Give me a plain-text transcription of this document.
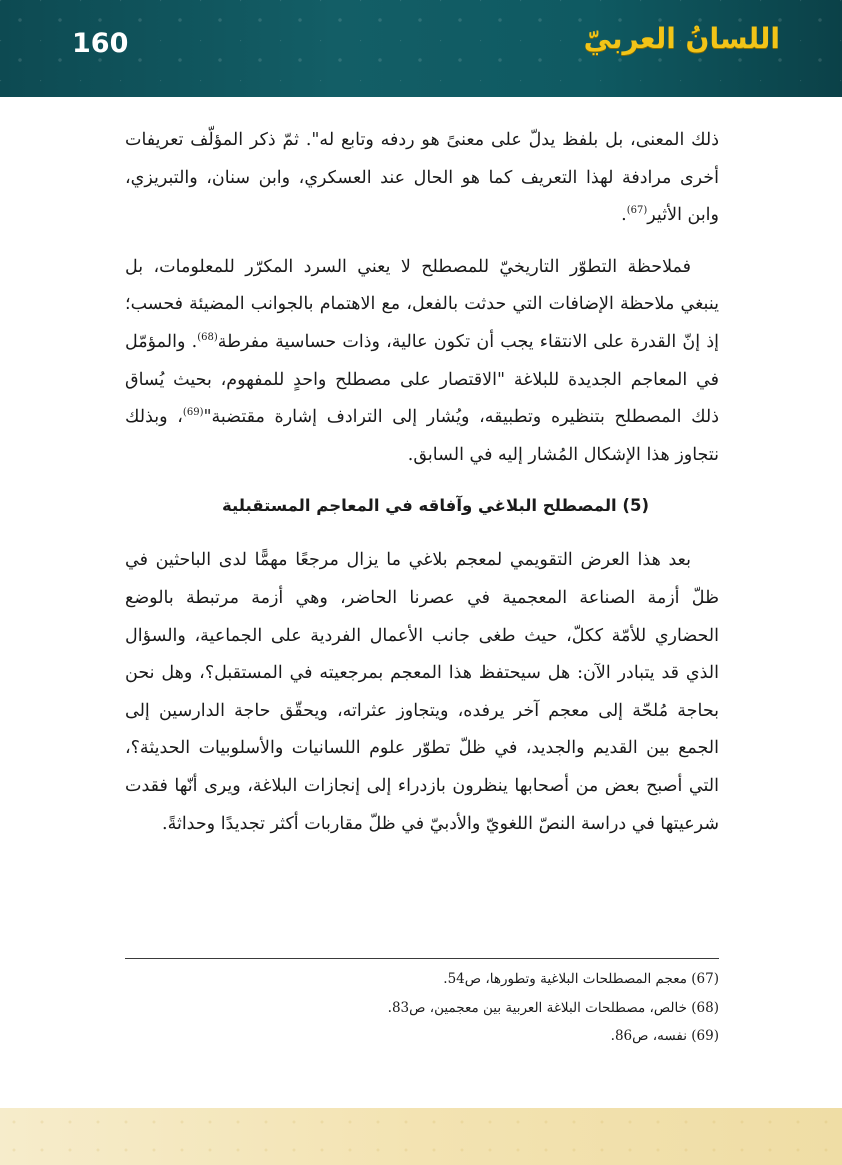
160	اللسانُ العربيّ

ذلك المعنى، بل بلفظ يدلّ على معنىً هو ردفه وتابع له". ثمّ ذكر المؤلّف تعريفات أخرى مرادفة لهذا التعريف كما هو الحال عند العسكري، وابن سنان، والتبريزي، وابن الأثير$^{(67)}$.

فملاحظة التطوّر التاريخيّ للمصطلح لا يعني السرد المكرّر للمعلومات، بل ينبغي ملاحظة الإضافات التي حدثت بالفعل، مع الاهتمام بالجوانب المضيئة فحسب؛ إذ إنّ القدرة على الانتقاء يجب أن تكون عالية، وذات حساسية مفرطة$^{(68)}$. والمؤمّل في المعاجم الجديدة للبلاغة "الاقتصار على مصطلح واحدٍ للمفهوم، بحيث يُساق ذلك المصطلح بتنظيره وتطبيقه، ويُشار إلى الترادف إشارة مقتضبة"$^{(69)}$، وبذلك نتجاوز هذا الإشكال المُشار إليه في السابق.

(5) المصطلح البلاغي وآفاقه في المعاجم المستقبلية

بعد هذا العرض التقويمي لمعجم بلاغي ما يزال مرجعًا مهمًّا لدى الباحثين في ظلّ أزمة الصناعة المعجمية في عصرنا الحاضر، وهي أزمة مرتبطة بالوضع الحضاري للأمّة ككلّ، حيث طغى جانب الأعمال الفردية على الجماعية، والسؤال الذي قد يتبادر الآن: هل سيحتفظ هذا المعجم بمرجعيته في المستقبل؟، وهل نحن بحاجة مُلحّة إلى معجم آخر يرفده، ويتجاوز عثراته، ويحقّق حاجة الدارسين إلى الجمع بين القديم والجديد، في ظلّ تطوّر علوم اللسانيات والأسلوبيات الحديثة؟، التي أصبح بعض من أصحابها ينظرون بازدراء إلى إنجازات البلاغة، ويرى أنّها فقدت شرعيتها في دراسة النصّ اللغويّ والأدبيّ في ظلّ مقاربات أكثر تجديدًا وحداثةً.

(67) معجم المصطلحات البلاغية وتطورها، ص54.

(68) خالص، مصطلحات البلاغة العربية بين معجمين، ص83.

(69) نفسه، ص86.
